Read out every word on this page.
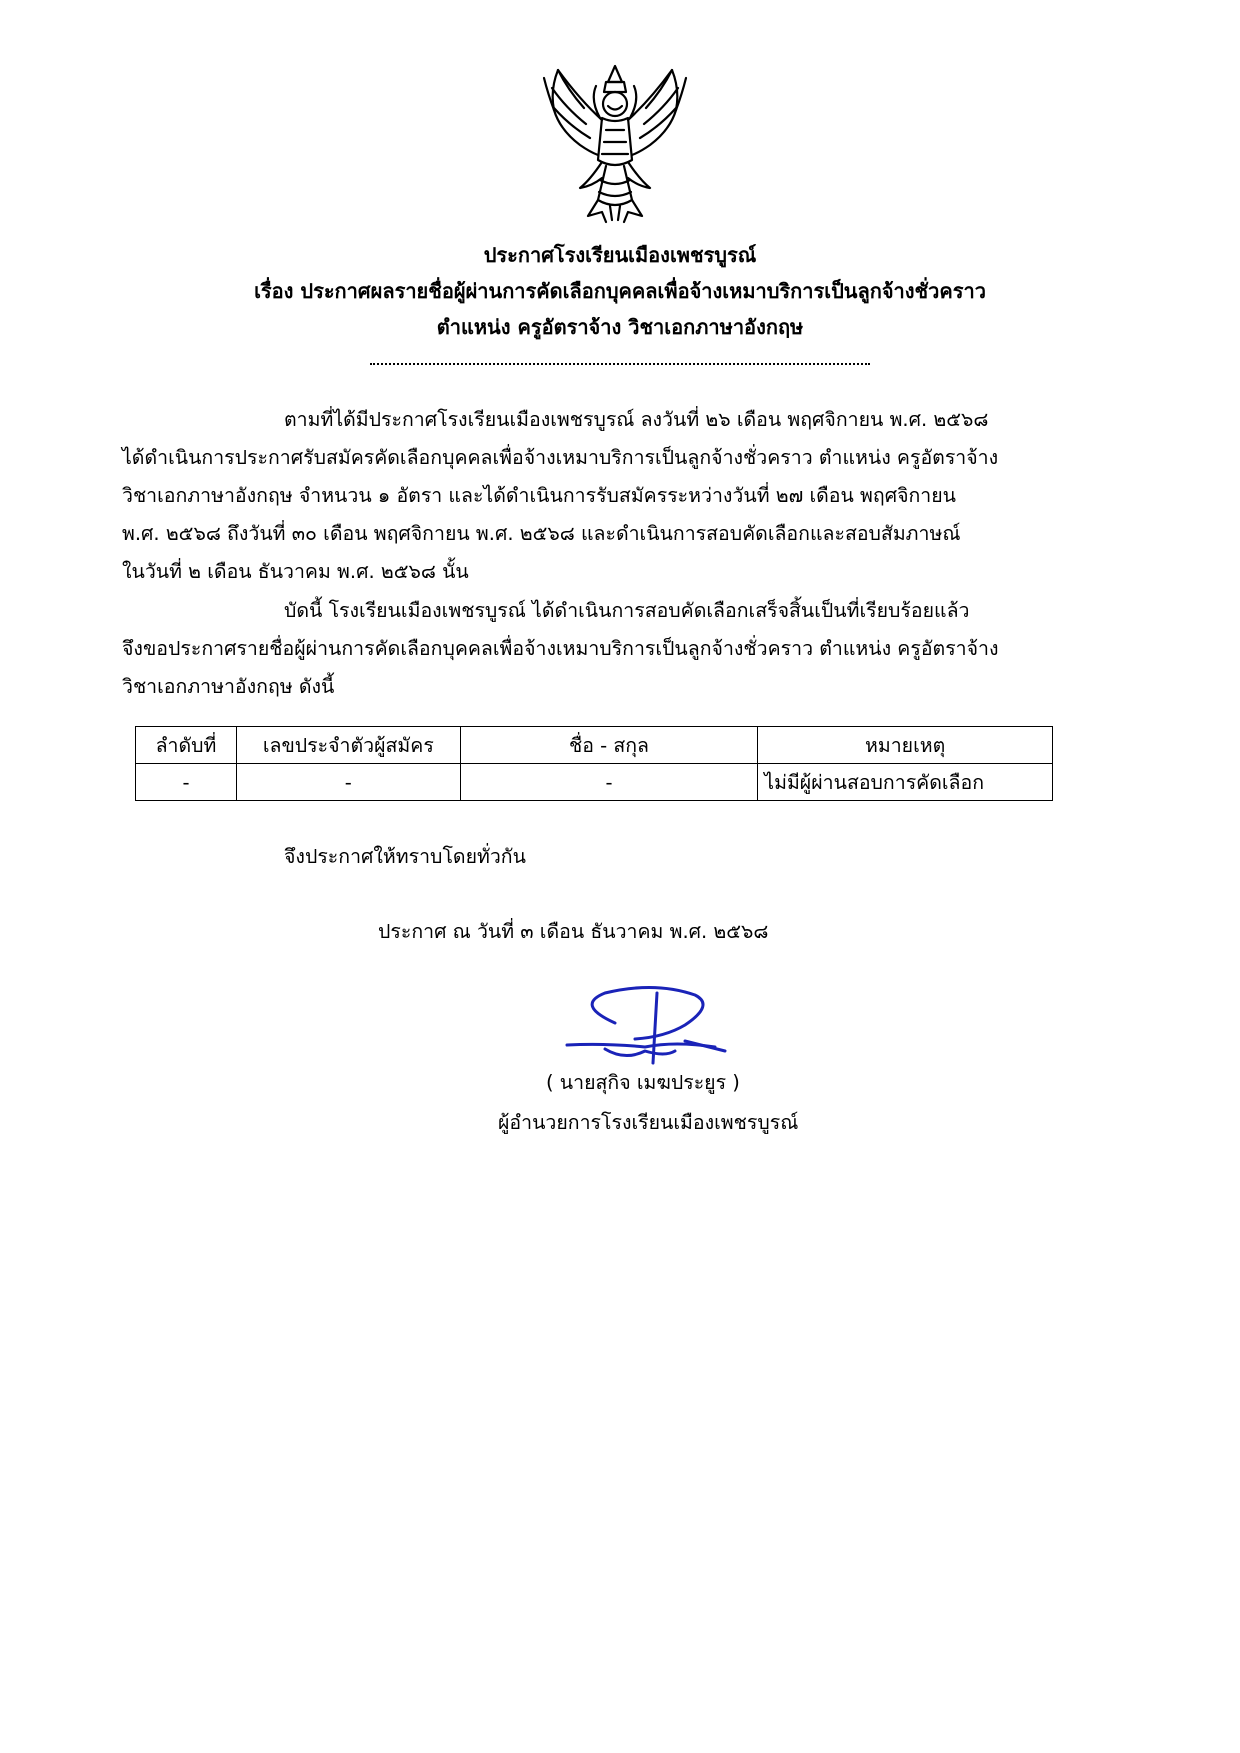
ประกาศโรงเรียนเมืองเพชรบูรณ์
เรื่อง ประกาศผลรายชื่อผู้ผ่านการคัดเลือกบุคคลเพื่อจ้างเหมาบริการเป็นลูกจ้างชั่วคราว
ตำแหน่ง ครูอัตราจ้าง วิชาเอกภาษาอังกฤษ
ตามที่ได้มีประกาศโรงเรียนเมืองเพชรบูรณ์ ลงวันที่ ๒๖ เดือน พฤศจิกายน พ.ศ. ๒๕๖๘
ได้ดำเนินการประกาศรับสมัครคัดเลือกบุคคลเพื่อจ้างเหมาบริการเป็นลูกจ้างชั่วคราว ตำแหน่ง ครูอัตราจ้าง
วิชาเอกภาษาอังกฤษ จำหนวน ๑ อัตรา และได้ดำเนินการรับสมัครระหว่างวันที่ ๒๗ เดือน พฤศจิกายน
พ.ศ. ๒๕๖๘ ถึงวันที่ ๓๐ เดือน พฤศจิกายน พ.ศ. ๒๕๖๘ และดำเนินการสอบคัดเลือกและสอบสัมภาษณ์
ในวันที่ ๒ เดือน ธันวาคม พ.ศ. ๒๕๖๘ นั้น
บัดนี้ โรงเรียนเมืองเพชรบูรณ์ ได้ดำเนินการสอบคัดเลือกเสร็จสิ้นเป็นที่เรียบร้อยแล้ว
จึงขอประกาศรายชื่อผู้ผ่านการคัดเลือกบุคคลเพื่อจ้างเหมาบริการเป็นลูกจ้างชั่วคราว ตำแหน่ง ครูอัตราจ้าง
วิชาเอกภาษาอังกฤษ ดังนี้
ลำดับที่	เลขประจำตัวผู้สมัคร	ชื่อ - สกุล	หมายเหตุ
-	-	-	ไม่มีผู้ผ่านสอบการคัดเลือก
จึงประกาศให้ทราบโดยทั่วกัน
ประกาศ ณ วันที่ ๓ เดือน ธันวาคม พ.ศ. ๒๕๖๘
( นายสุกิจ เมฆประยูร )
ผู้อำนวยการโรงเรียนเมืองเพชรบูรณ์
